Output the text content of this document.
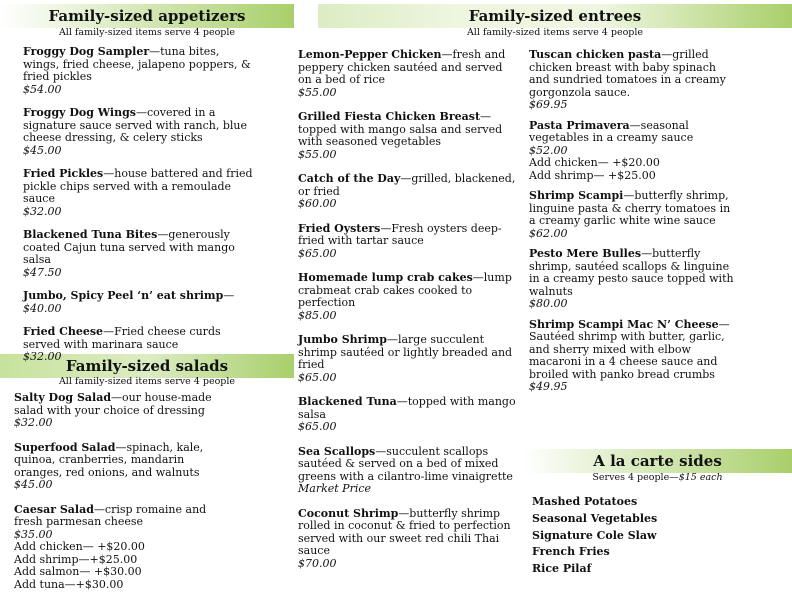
Family-sized appetizers
All family-sized items serve 4 people
Family-sized entrees
All family-sized items serve 4 people
Family-sized salads
All family-sized items serve 4 people
A la carte sides
Serves 4 people—$15 each
Froggy Dog Sampler—tuna bites, wings, fried cheese, jalapeno poppers, & fried pickles
$54.00
Froggy Dog Wings—covered in a signature sauce served with ranch, blue cheese dressing, & celery sticks
$45.00
Fried Pickles—house battered and fried pickle chips served with a remoulade sauce
$32.00
Blackened Tuna Bites—generously coated Cajun tuna served with mango salsa
$47.50
Jumbo, Spicy Peel ‘n’ eat shrimp—
$40.00
Fried Cheese—Fried cheese curds served with marinara sauce
$32.00
Salty Dog Salad—our house-made salad with your choice of dressing
$32.00
Superfood Salad—spinach, kale, quinoa, cranberries, mandarin oranges, red onions, and walnuts
$45.00
Caesar Salad—crisp romaine and fresh parmesan cheese
$35.00
Add chicken— +$20.00
Add shrimp—+$25.00
Add salmon— +$30.00
Add tuna—+$30.00
Lemon-Pepper Chicken—fresh and peppery chicken sautéed and served on a bed of rice
$55.00
Grilled Fiesta Chicken Breast—topped with mango salsa and served with seasoned vegetables
$55.00
Catch of the Day—grilled, blackened, or fried
$60.00
Fried Oysters—Fresh oysters deep-fried with tartar sauce
$65.00
Homemade lump crab cakes—lump crabmeat crab cakes cooked to perfection
$85.00
Jumbo Shrimp—large succulent shrimp sautéed or lightly breaded and fried
$65.00
Blackened Tuna—topped with mango salsa
$65.00
Sea Scallops—succulent scallops sautéed & served on a bed of mixed greens with a cilantro-lime vinaigrette
Market Price
Coconut Shrimp—butterfly shrimp rolled in coconut & fried to perfection served with our sweet red chili Thai sauce
$70.00
Tuscan chicken pasta—grilled chicken breast with baby spinach and sundried tomatoes in a creamy gorgonzola sauce.
$69.95
Pasta Primavera—seasonal vegetables in a creamy sauce
$52.00
Add chicken— +$20.00
Add shrimp— +$25.00
Shrimp Scampi—butterfly shrimp, linguine pasta & cherry tomatoes in a creamy garlic white wine sauce
$62.00
Pesto Mere Bulles—butterfly shrimp, sautéed scallops & linguine in a creamy pesto sauce topped with walnuts
$80.00
Shrimp Scampi Mac N’ Cheese—Sautéed shrimp with butter, garlic, and sherry mixed with elbow macaroni in a 4 cheese sauce and broiled with panko bread crumbs
$49.95
Mashed Potatoes
Seasonal Vegetables
Signature Cole Slaw
French Fries
Rice Pilaf
